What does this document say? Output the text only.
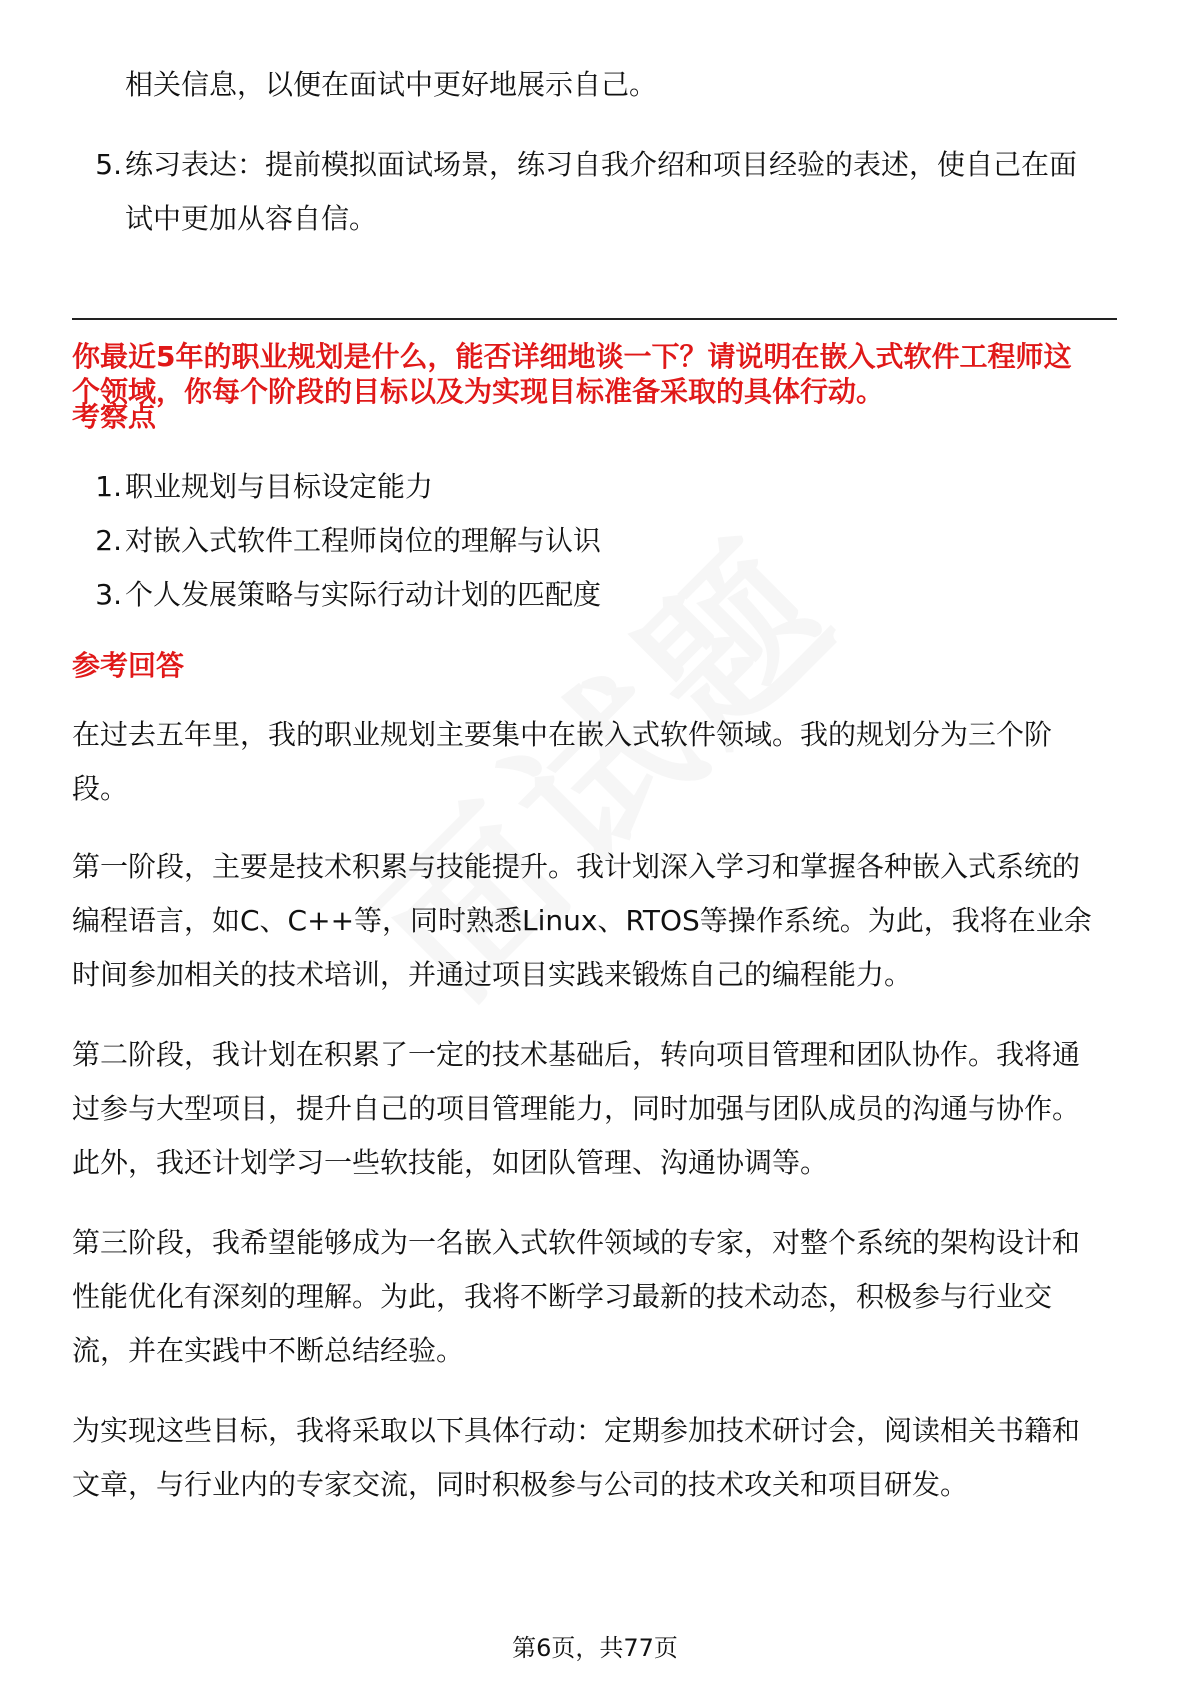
相关信息，以便在面试中更好地展示自己。
5. 练习表达：提前模拟面试场景，练习自我介绍和项目经验的表述，使自己在面
试中更加从容自信。
你最近5年的职业规划是什么，能否详细地谈一下？请说明在嵌入式软件工程师这
个领域，你每个阶段的目标以及为实现目标准备采取的具体行动。
考察点
1. 职业规划与目标设定能力
2. 对嵌入式软件工程师岗位的理解与认识
3. 个人发展策略与实际行动计划的匹配度
参考回答
在过去五年里，我的职业规划主要集中在嵌入式软件领域。我的规划分为三个阶
段。
第一阶段，主要是技术积累与技能提升。我计划深入学习和掌握各种嵌入式系统的
编程语言，如C、C++等，同时熟悉Linux、RTOS等操作系统。为此，我将在业余
时间参加相关的技术培训，并通过项目实践来锻炼自己的编程能力。
第二阶段，我计划在积累了一定的技术基础后，转向项目管理和团队协作。我将通
过参与大型项目，提升自己的项目管理能力，同时加强与团队成员的沟通与协作。
此外，我还计划学习一些软技能，如团队管理、沟通协调等。
第三阶段，我希望能够成为一名嵌入式软件领域的专家，对整个系统的架构设计和
性能优化有深刻的理解。为此，我将不断学习最新的技术动态，积极参与行业交
流，并在实践中不断总结经验。
为实现这些目标，我将采取以下具体行动：定期参加技术研讨会，阅读相关书籍和
文章，与行业内的专家交流，同时积极参与公司的技术攻关和项目研发。
第6页，共77页
